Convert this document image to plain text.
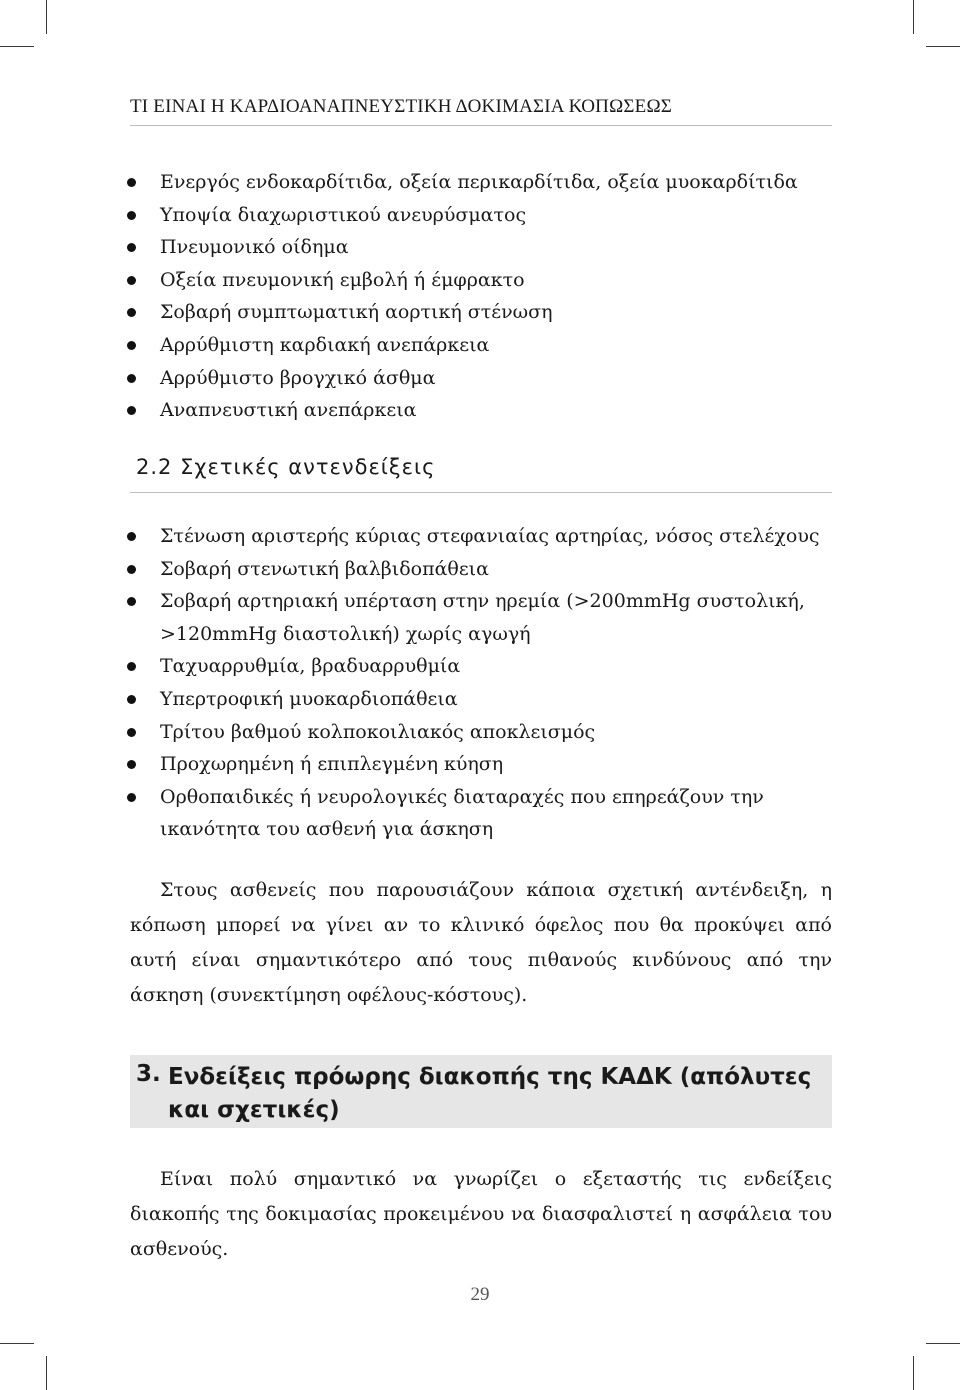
ΤΙ ΕΙΝΑΙ Η ΚΑΡΔΙΟΑΝΑΠΝΕΥΣΤΙΚΗ ΔΟΚΙΜΑΣΙΑ ΚΟΠΩΣΕΩΣ
Ενεργός ενδοκαρδίτιδα, οξεία περικαρδίτιδα, οξεία μυοκαρδίτιδα
Υποψία διαχωριστικού ανευρύσματος
Πνευμονικό οίδημα
Οξεία πνευμονική εμβολή ή έμφρακτο
Σοβαρή συμπτωματική αορτική στένωση
Αρρύθμιστη καρδιακή ανεπάρκεια
Αρρύθμιστο βρογχικό άσθμα
Αναπνευστική ανεπάρκεια
2.2 Σχετικές αντενδείξεις
Στένωση αριστερής κύριας στεφανιαίας αρτηρίας, νόσος στελέχους
Σοβαρή στενωτική βαλβιδοπάθεια
Σοβαρή αρτηριακή υπέρταση στην ηρεμία (>200mmHg συστολική, >120mmHg διαστολική) χωρίς αγωγή
Ταχυαρρυθμία, βραδυαρρυθμία
Υπερτροφική μυοκαρδιοπάθεια
Τρίτου βαθμού κολποκοιλιακός αποκλεισμός
Προχωρημένη ή επιπλεγμένη κύηση
Ορθοπαιδικές ή νευρολογικές διαταραχές που επηρεάζουν την ικανότητα του ασθενή για άσκηση

Στους ασθενείς που παρουσιάζουν κάποια σχετική αντένδειξη, η κόπωση μπορεί να γίνει αν το κλινικό όφελος που θα προκύψει από αυτή είναι σημαντικότερο από τους πιθανούς κινδύνους από την άσκηση (συνεκτίμηση οφέλους-κόστους).

3. Ενδείξεις πρόωρης διακοπής της ΚΑΔΚ (απόλυτες και σχετικές)

Είναι πολύ σημαντικό να γνωρίζει ο εξεταστής τις ενδείξεις διακοπής της δοκιμασίας προκειμένου να διασφαλιστεί η ασφάλεια του ασθενούς.

29
